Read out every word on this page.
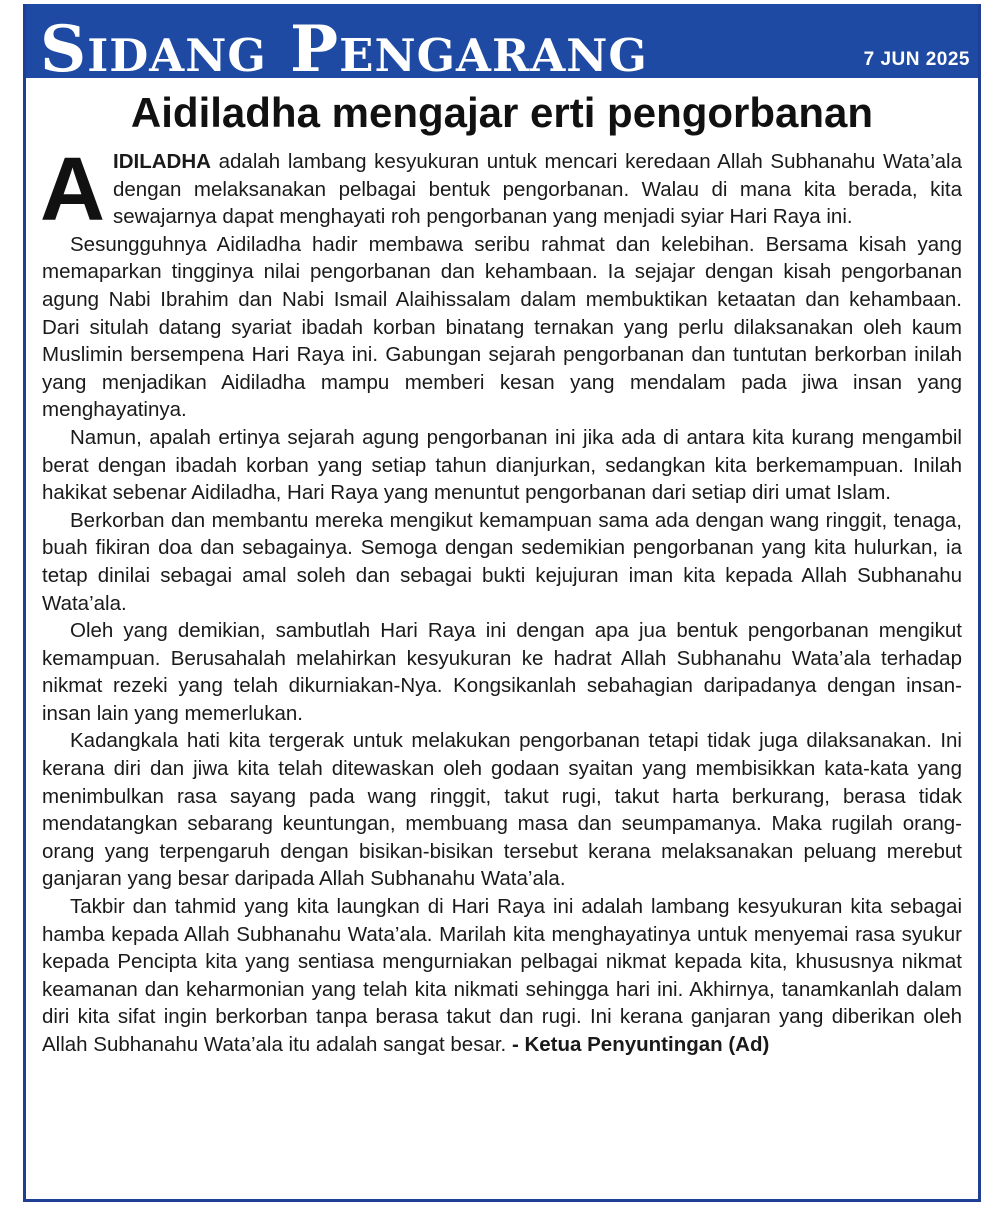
Sidang Pengarang	7 JUN 2025
Aidiladha mengajar erti pengorbanan

AIDILADHA adalah lambang kesyukuran untuk mencari keredaan Allah Subhanahu Wata’ala dengan melaksanakan pelbagai bentuk pengorbanan. Walau di mana kita berada, kita sewajarnya dapat menghayati roh pengorbanan yang menjadi syiar Hari Raya ini.

Sesungguhnya Aidiladha hadir membawa seribu rahmat dan kelebihan. Bersama kisah yang memaparkan tingginya nilai pengorbanan dan kehambaan. Ia sejajar dengan kisah pengorbanan agung Nabi Ibrahim dan Nabi Ismail Alaihissalam dalam membuktikan ketaatan dan kehambaan. Dari situlah datang syariat ibadah korban binatang ternakan yang perlu dilaksanakan oleh kaum Muslimin bersempena Hari Raya ini. Gabungan sejarah pengorbanan dan tuntutan berkorban inilah yang menjadikan Aidiladha mampu memberi kesan yang mendalam pada jiwa insan yang menghayatinya.

Namun, apalah ertinya sejarah agung pengorbanan ini jika ada di antara kita kurang mengambil berat dengan ibadah korban yang setiap tahun dianjurkan, sedangkan kita berkemampuan. Inilah hakikat sebenar Aidiladha, Hari Raya yang menuntut pengorbanan dari setiap diri umat Islam.

Berkorban dan membantu mereka mengikut kemampuan sama ada dengan wang ringgit, tenaga, buah fikiran doa dan sebagainya. Semoga dengan sedemikian pengorbanan yang kita hulurkan, ia tetap dinilai sebagai amal soleh dan sebagai bukti kejujuran iman kita kepada Allah Subhanahu Wata’ala.

Oleh yang demikian, sambutlah Hari Raya ini dengan apa jua bentuk pengorbanan mengikut kemampuan. Berusahalah melahirkan kesyukuran ke hadrat Allah Subhanahu Wata’ala terhadap nikmat rezeki yang telah dikurniakan-Nya. Kongsikanlah sebahagian daripadanya dengan insan-insan lain yang memerlukan.

Kadangkala hati kita tergerak untuk melakukan pengorbanan tetapi tidak juga dilaksanakan. Ini kerana diri dan jiwa kita telah ditewaskan oleh godaan syaitan yang membisikkan kata-kata yang menimbulkan rasa sayang pada wang ringgit, takut rugi, takut harta berkurang, berasa tidak mendatangkan sebarang keuntungan, membuang masa dan seumpamanya. Maka rugilah orang-orang yang terpengaruh dengan bisikan-bisikan tersebut kerana melaksanakan peluang merebut ganjaran yang besar daripada Allah Subhanahu Wata’ala.

Takbir dan tahmid yang kita laungkan di Hari Raya ini adalah lambang kesyukuran kita sebagai hamba kepada Allah Subhanahu Wata’ala. Marilah kita menghayatinya untuk menyemai rasa syukur kepada Pencipta kita yang sentiasa mengurniakan pelbagai nikmat kepada kita, khususnya nikmat keamanan dan keharmonian yang telah kita nikmati sehingga hari ini. Akhirnya, tanamkanlah dalam diri kita sifat ingin berkorban tanpa berasa takut dan rugi. Ini kerana ganjaran yang diberikan oleh Allah Subhanahu Wata’ala itu adalah sangat besar. - Ketua Penyuntingan (Ad)
